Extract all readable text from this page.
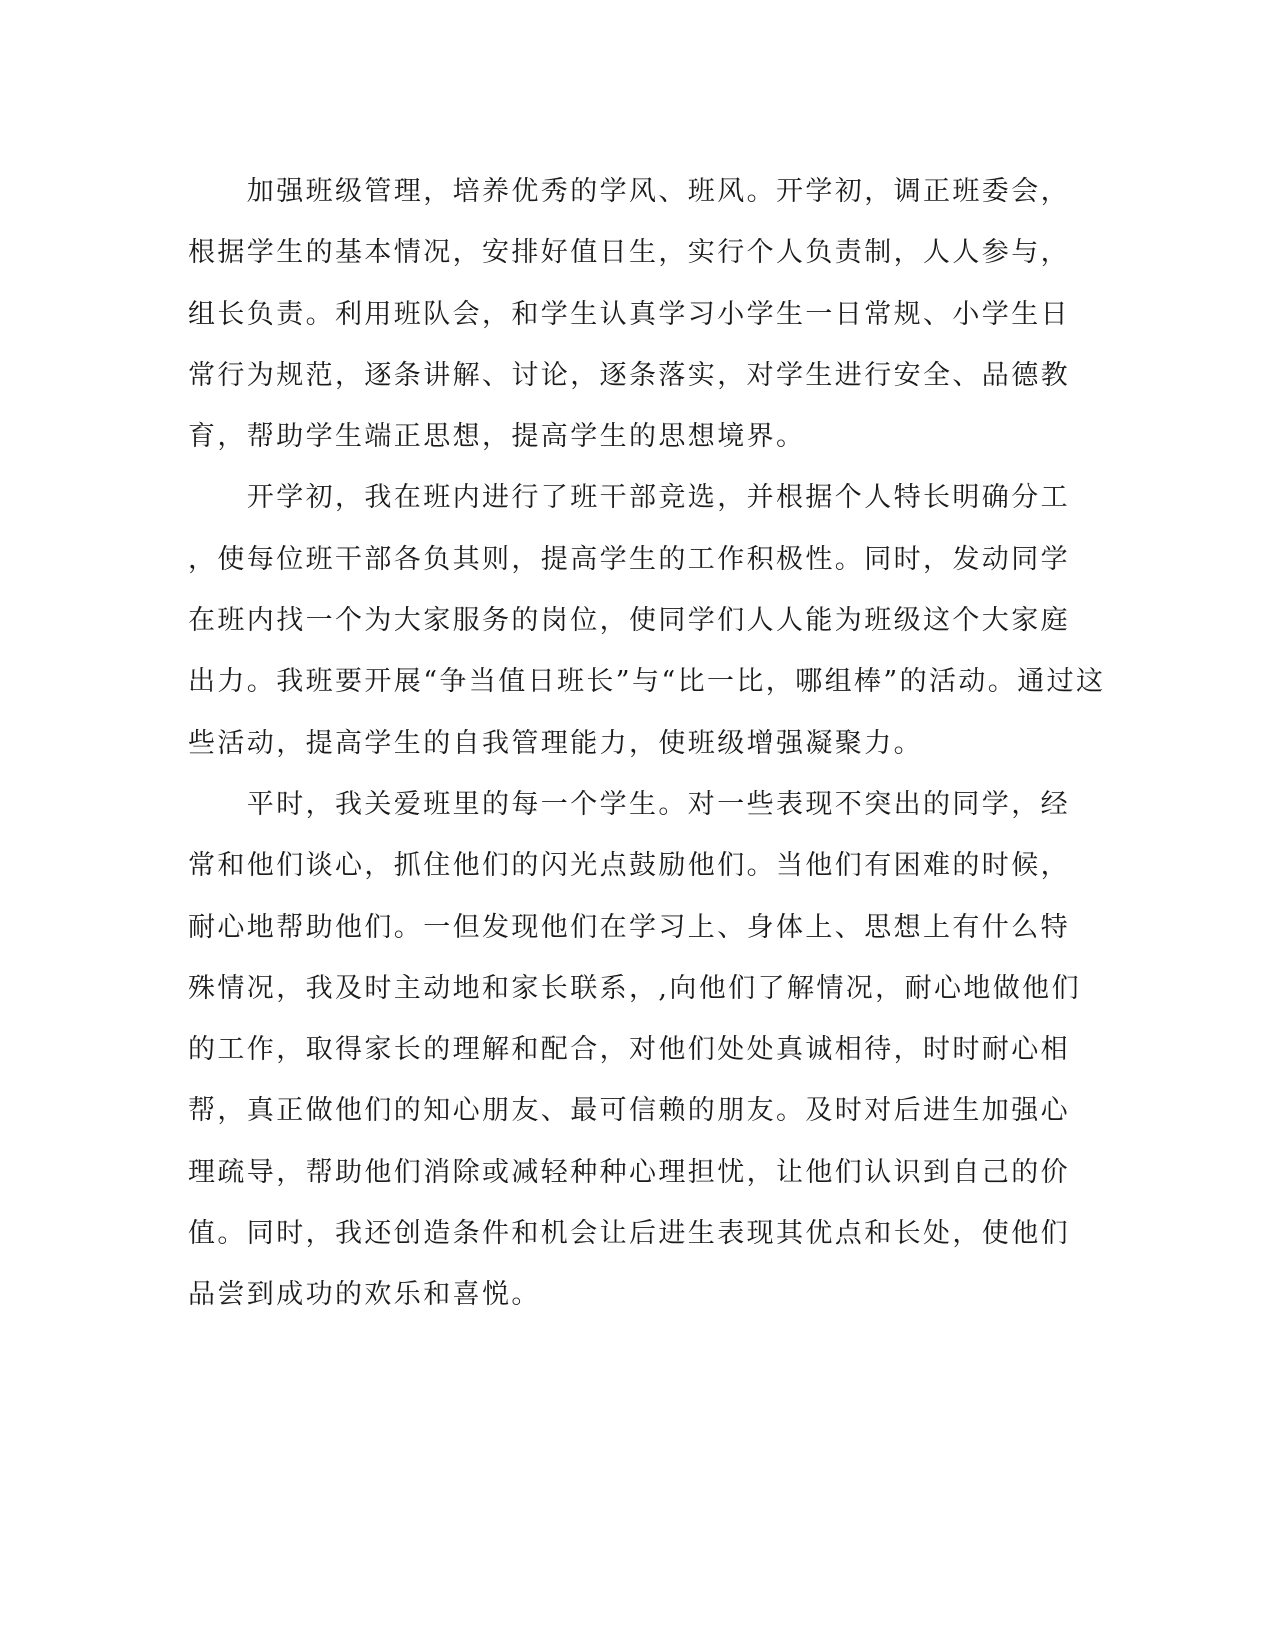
　　加强班级管理，培养优秀的学风、班风。开学初，调正班委会，
根据学生的基本情况，安排好值日生，实行个人负责制，人人参与，
组长负责。利用班队会，和学生认真学习小学生一日常规、小学生日
常行为规范，逐条讲解、讨论，逐条落实，对学生进行安全、品德教
育，帮助学生端正思想，提高学生的思想境界。
　　开学初，我在班内进行了班干部竞选，并根据个人特长明确分工
，使每位班干部各负其则，提高学生的工作积极性。同时，发动同学
在班内找一个为大家服务的岗位，使同学们人人能为班级这个大家庭
出力。我班要开展“争当值日班长”与“比一比，哪组棒”的活动。通过这
些活动，提高学生的自我管理能力，使班级增强凝聚力。
　　平时，我关爱班里的每一个学生。对一些表现不突出的同学，经
常和他们谈心，抓住他们的闪光点鼓励他们。当他们有困难的时候，
耐心地帮助他们。一但发现他们在学习上、身体上、思想上有什么特
殊情况，我及时主动地和家长联系，,向他们了解情况，耐心地做他们
的工作，取得家长的理解和配合，对他们处处真诚相待，时时耐心相
帮，真正做他们的知心朋友、最可信赖的朋友。及时对后进生加强心
理疏导，帮助他们消除或减轻种种心理担忧，让他们认识到自己的价
值。同时，我还创造条件和机会让后进生表现其优点和长处，使他们
品尝到成功的欢乐和喜悦。
